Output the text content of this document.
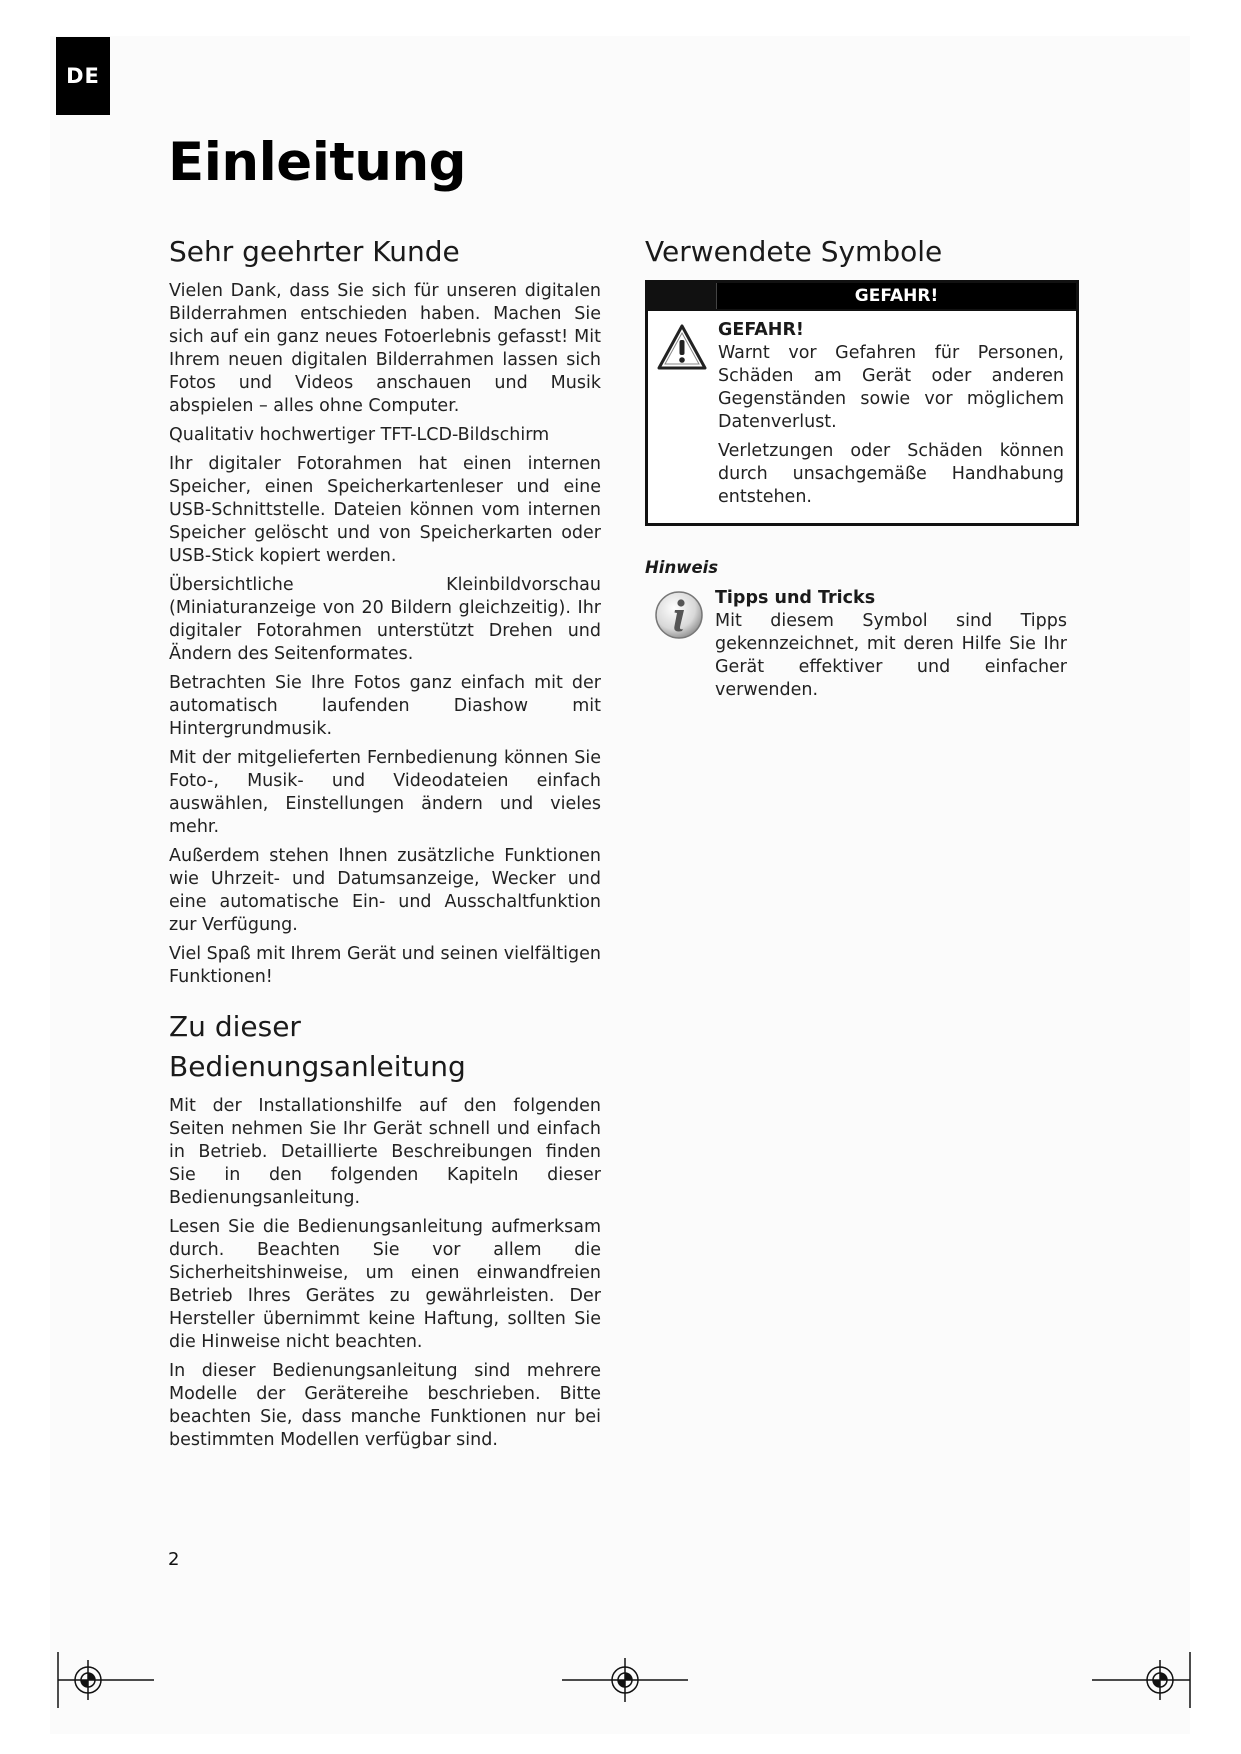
DE
Einleitung
Sehr geehrter Kunde

Vielen Dank, dass Sie sich für unseren digitalen Bilderrahmen entschieden haben. Machen Sie sich auf ein ganz neues Fotoerlebnis gefasst! Mit Ihrem neuen digitalen Bilderrahmen lassen sich Fotos und Videos anschauen und Musik abspielen – alles ohne Computer.

Qualitativ hochwertiger TFT-LCD-Bildschirm

Ihr digitaler Fotorahmen hat einen internen Speicher, einen Speicherkartenleser und eine USB-Schnittstelle. Dateien können vom internen Speicher gelöscht und von Speicherkarten oder USB-Stick kopiert werden.

Übersichtliche Kleinbildvorschau (Miniaturanzeige von 20 Bildern gleichzeitig). Ihr digitaler Fotorahmen unterstützt Drehen und Ändern des Seitenformates.

Betrachten Sie Ihre Fotos ganz einfach mit der automatisch laufenden Diashow mit Hintergrundmusik.

Mit der mitgelieferten Fernbedienung können Sie Foto-, Musik- und Videodateien einfach auswählen, Einstellungen ändern und vieles mehr.

Außerdem stehen Ihnen zusätzliche Funktionen wie Uhrzeit- und Datumsanzeige, Wecker und eine automatische Ein- und Ausschaltfunktion zur Verfügung.

Viel Spaß mit Ihrem Gerät und seinen vielfältigen Funktionen!

Zu dieser Bedienungsanleitung

Mit der Installationshilfe auf den folgenden Seiten nehmen Sie Ihr Gerät schnell und einfach in Betrieb. Detaillierte Beschreibungen finden Sie in den folgenden Kapiteln dieser Bedienungsanleitung.

Lesen Sie die Bedienungsanleitung aufmerksam durch. Beachten Sie vor allem die Sicherheitshinweise, um einen einwandfreien Betrieb Ihres Gerätes zu gewährleisten. Der Hersteller übernimmt keine Haftung, sollten Sie die Hinweise nicht beachten.

In dieser Bedienungsanleitung sind mehrere Modelle der Gerätereihe beschrieben. Bitte beachten Sie, dass manche Funktionen nur bei bestimmten Modellen verfügbar sind.

Verwendete Symbole
GEFAHR!
GEFAHR!

Warnt vor Gefahren für Personen, Schäden am Gerät oder anderen Gegenständen sowie vor möglichem Datenverlust.

Verletzungen oder Schäden können durch unsachgemäße Handhabung entstehen.

Hinweis
Tipps und Tricks

Mit diesem Symbol sind Tipps gekennzeichnet, mit deren Hilfe Sie Ihr Gerät effektiver und einfacher verwenden.

2
